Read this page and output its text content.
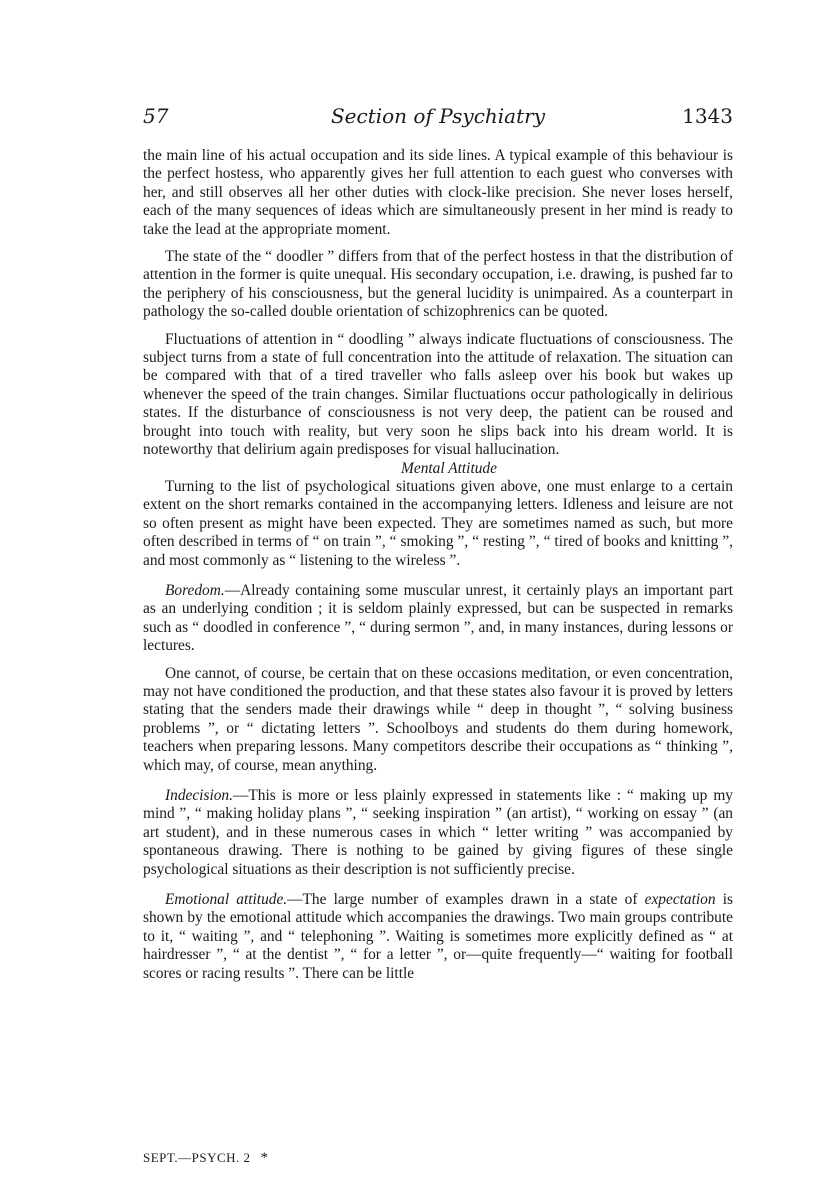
57	Section of Psychiatry	1343

the main line of his actual occupation and its side lines. A typical example of this behaviour is the perfect hostess, who apparently gives her full attention to each guest who converses with her, and still observes all her other duties with clock-like precision. She never loses herself, each of the many sequences of ideas which are simultaneously present in her mind is ready to take the lead at the appropriate moment.

The state of the “ doodler ” differs from that of the perfect hostess in that the distribution of attention in the former is quite unequal. His secondary occupation, i.e. drawing, is pushed far to the periphery of his consciousness, but the general lucidity is unimpaired. As a counterpart in pathology the so-called double orientation of schizophrenics can be quoted.

Fluctuations of attention in “ doodling ” always indicate fluctuations of consciousness. The subject turns from a state of full concentration into the attitude of relaxation. The situation can be compared with that of a tired traveller who falls asleep over his book but wakes up whenever the speed of the train changes. Similar fluctuations occur pathologically in delirious states. If the disturbance of consciousness is not very deep, the patient can be roused and brought into touch with reality, but very soon he slips back into his dream world. It is noteworthy that delirium again predisposes for visual hallucination.

Mental Attitude

Turning to the list of psychological situations given above, one must enlarge to a certain extent on the short remarks contained in the accompanying letters. Idleness and leisure are not so often present as might have been expected. They are sometimes named as such, but more often described in terms of “ on train ”, “ smoking ”, “ resting ”, “ tired of books and knitting ”, and most commonly as “ listening to the wireless ”.

Boredom.—Already containing some muscular unrest, it certainly plays an important part as an underlying condition ; it is seldom plainly expressed, but can be suspected in remarks such as “ doodled in conference ”, “ during sermon ”, and, in many instances, during lessons or lectures.

One cannot, of course, be certain that on these occasions meditation, or even concentration, may not have conditioned the production, and that these states also favour it is proved by letters stating that the senders made their drawings while “ deep in thought ”, “ solving business problems ”, or “ dictating letters ”. Schoolboys and students do them during homework, teachers when preparing lessons. Many competitors describe their occupations as “ thinking ”, which may, of course, mean anything.

Indecision.—This is more or less plainly expressed in statements like : “ making up my mind ”, “ making holiday plans ”, “ seeking inspiration ” (an artist), “ working on essay ” (an art student), and in these numerous cases in which “ letter writing ” was accompanied by spontaneous drawing. There is nothing to be gained by giving figures of these single psychological situations as their description is not sufficiently precise.

Emotional attitude.—The large number of examples drawn in a state of expectation is shown by the emotional attitude which accompanies the drawings. Two main groups contribute to it, “ waiting ”, and “ telephoning ”. Waiting is sometimes more explicitly defined as “ at hairdresser ”, “ at the dentist ”, “ for a letter ”, or—quite frequently—“ waiting for football scores or racing results ”. There can be little

SEPT.—PSYCH. 2 *
